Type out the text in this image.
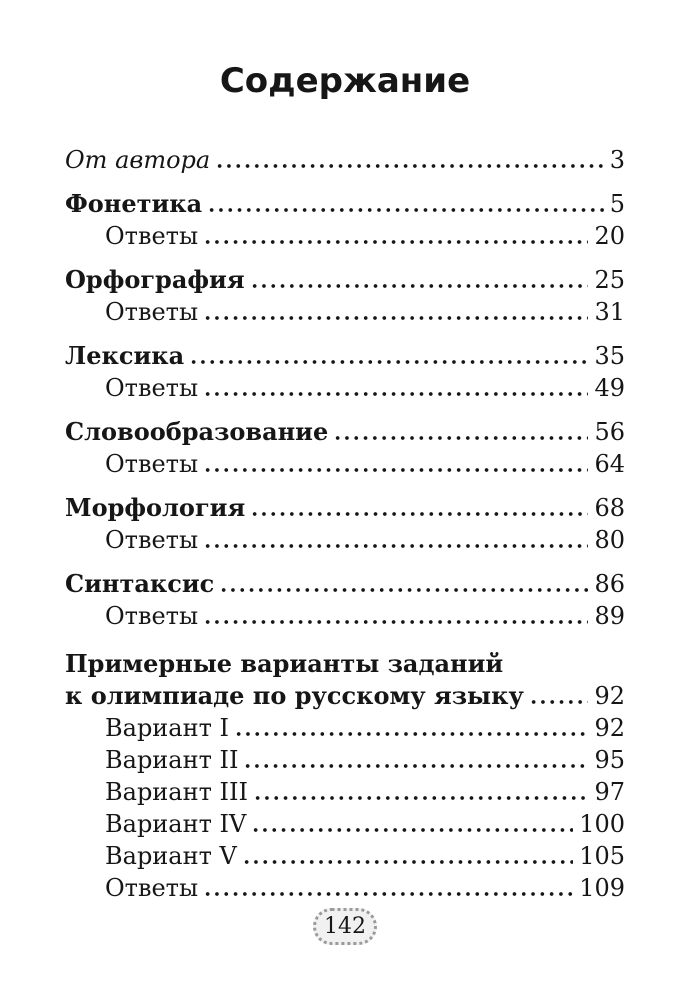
Содержание
От автора	3
Фонетика	5
Ответы	20
Орфография	25
Ответы	31
Лексика	35
Ответы	49
Словообразование	56
Ответы	64
Морфология	68
Ответы	80
Синтаксис	86
Ответы	89
Примерные варианты заданий
к олимпиаде по русскому языку	92
Вариант I	92
Вариант II	95
Вариант III	97
Вариант IV	100
Вариант V	105
Ответы	109
142
